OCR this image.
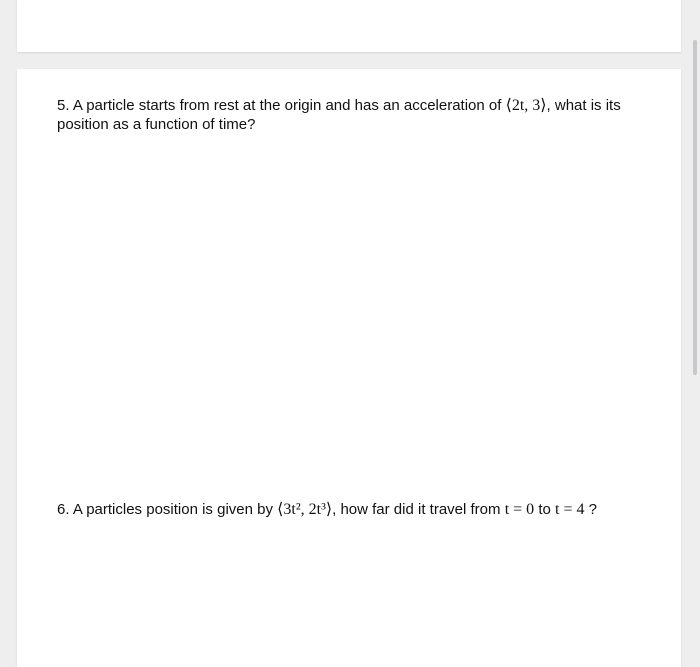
5. A particle starts from rest at the origin and has an acceleration of ⟨2t, 3⟩, what is its position as a function of time?
6. A particles position is given by ⟨3t², 2t³⟩, how far did it travel from t = 0 to t = 4 ?
